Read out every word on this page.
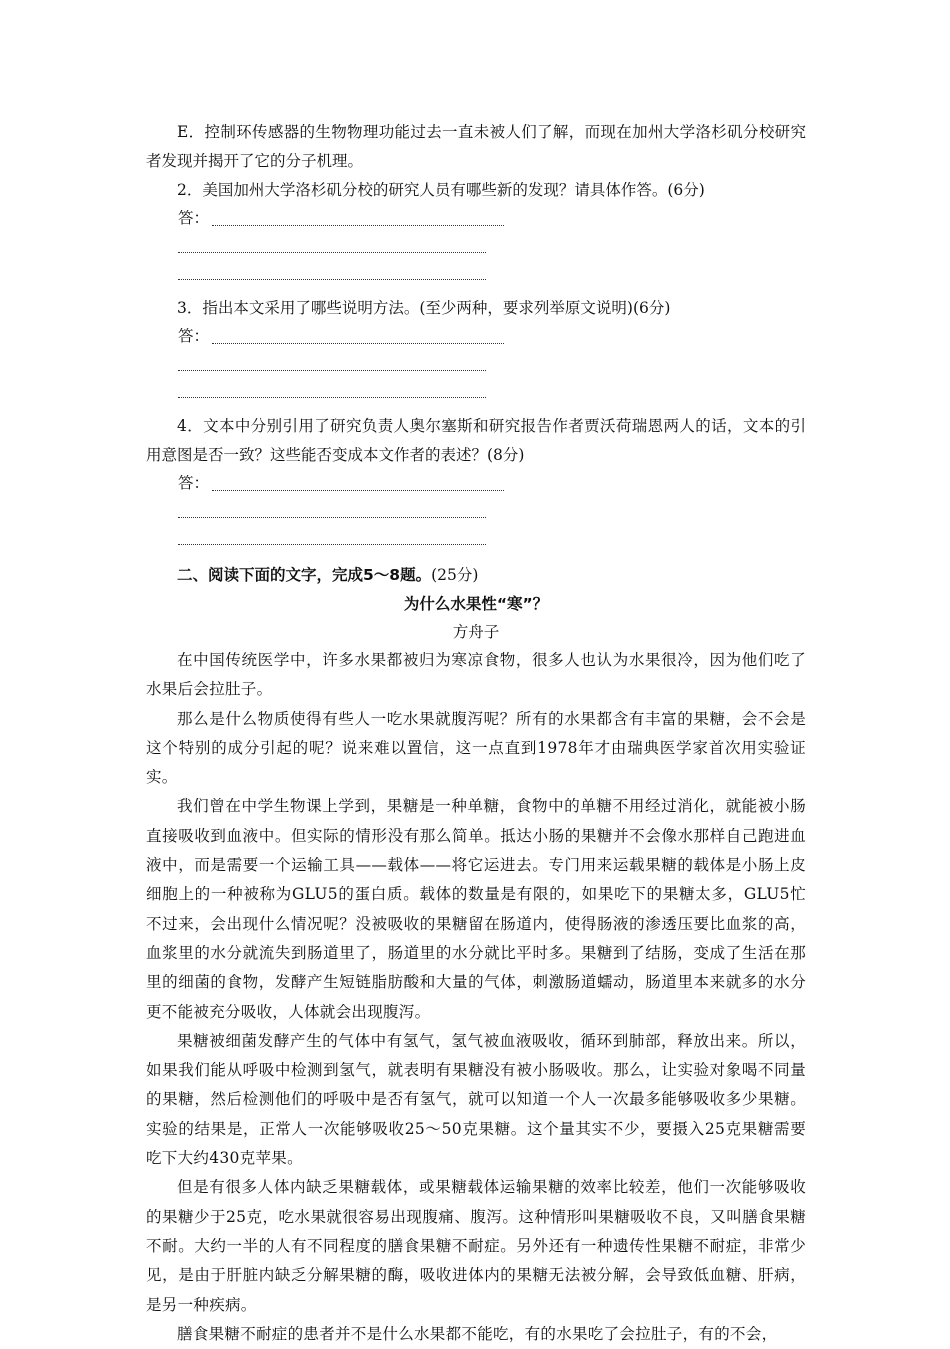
E．控制环传感器的生物物理功能过去一直未被人们了解，而现在加州大学洛杉矶分校研究者发现并揭开了它的分子机理。

2．美国加州大学洛杉矶分校的研究人员有哪些新的发现？请具体作答。(6分)

答：

3．指出本文采用了哪些说明方法。(至少两种，要求列举原文说明)(6分)

答：

4．文本中分别引用了研究负责人奥尔塞斯和研究报告作者贾沃荷瑞恩两人的话，文本的引用意图是否一致？这些能否变成本文作者的表述？(8分)

答：

二、阅读下面的文字，完成5～8题。(25分)

为什么水果性“寒”？

方舟子

在中国传统医学中，许多水果都被归为寒凉食物，很多人也认为水果很冷，因为他们吃了水果后会拉肚子。

那么是什么物质使得有些人一吃水果就腹泻呢？所有的水果都含有丰富的果糖，会不会是这个特别的成分引起的呢？说来难以置信，这一点直到1978年才由瑞典医学家首次用实验证实。

我们曾在中学生物课上学到，果糖是一种单糖，食物中的单糖不用经过消化，就能被小肠直接吸收到血液中。但实际的情形没有那么简单。抵达小肠的果糖并不会像水那样自己跑进血液中，而是需要一个运输工具——载体——将它运进去。专门用来运载果糖的载体是小肠上皮细胞上的一种被称为GLU5的蛋白质。载体的数量是有限的，如果吃下的果糖太多，GLU5忙不过来，会出现什么情况呢？没被吸收的果糖留在肠道内，使得肠液的渗透压要比血浆的高，血浆里的水分就流失到肠道里了，肠道里的水分就比平时多。果糖到了结肠，变成了生活在那里的细菌的食物，发酵产生短链脂肪酸和大量的气体，刺激肠道蠕动，肠道里本来就多的水分更不能被充分吸收，人体就会出现腹泻。

果糖被细菌发酵产生的气体中有氢气，氢气被血液吸收，循环到肺部，释放出来。所以，如果我们能从呼吸中检测到氢气，就表明有果糖没有被小肠吸收。那么，让实验对象喝不同量的果糖，然后检测他们的呼吸中是否有氢气，就可以知道一个人一次最多能够吸收多少果糖。实验的结果是，正常人一次能够吸收25～50克果糖。这个量其实不少，要摄入25克果糖需要吃下大约430克苹果。

但是有很多人体内缺乏果糖载体，或果糖载体运输果糖的效率比较差，他们一次能够吸收的果糖少于25克，吃水果就很容易出现腹痛、腹泻。这种情形叫果糖吸收不良，又叫膳食果糖不耐。大约一半的人有不同程度的膳食果糖不耐症。另外还有一种遗传性果糖不耐症，非常少见，是由于肝脏内缺乏分解果糖的酶，吸收进体内的果糖无法被分解，会导致低血糖、肝病，是另一种疾病。

膳食果糖不耐症的患者并不是什么水果都不能吃，有的水果吃了会拉肚子，有的不会，
